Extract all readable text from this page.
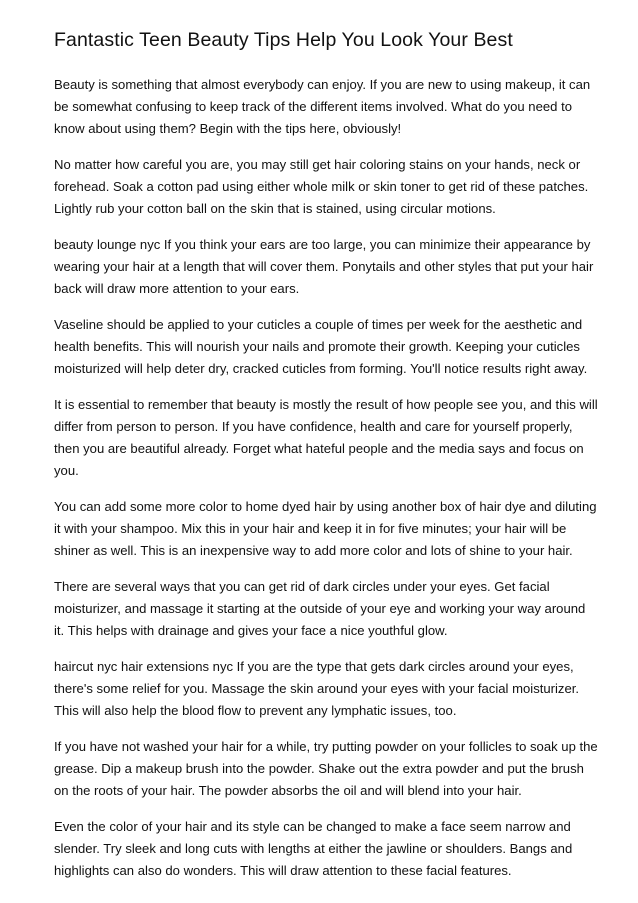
Fantastic Teen Beauty Tips Help You Look Your Best

Beauty is something that almost everybody can enjoy. If you are new to using makeup, it can be somewhat confusing to keep track of the different items involved. What do you need to know about using them? Begin with the tips here, obviously!

No matter how careful you are, you may still get hair coloring stains on your hands, neck or forehead. Soak a cotton pad using either whole milk or skin toner to get rid of these patches. Lightly rub your cotton ball on the skin that is stained, using circular motions.

beauty lounge nyc If you think your ears are too large, you can minimize their appearance by wearing your hair at a length that will cover them. Ponytails and other styles that put your hair back will draw more attention to your ears.

Vaseline should be applied to your cuticles a couple of times per week for the aesthetic and health benefits. This will nourish your nails and promote their growth. Keeping your cuticles moisturized will help deter dry, cracked cuticles from forming. You'll notice results right away.

It is essential to remember that beauty is mostly the result of how people see you, and this will differ from person to person. If you have confidence, health and care for yourself properly, then you are beautiful already. Forget what hateful people and the media says and focus on you.

You can add some more color to home dyed hair by using another box of hair dye and diluting it with your shampoo. Mix this in your hair and keep it in for five minutes; your hair will be shiner as well. This is an inexpensive way to add more color and lots of shine to your hair.

There are several ways that you can get rid of dark circles under your eyes. Get facial moisturizer, and massage it starting at the outside of your eye and working your way around it. This helps with drainage and gives your face a nice youthful glow.

haircut nyc hair extensions nyc If you are the type that gets dark circles around your eyes, there's some relief for you. Massage the skin around your eyes with your facial moisturizer. This will also help the blood flow to prevent any lymphatic issues, too.

If you have not washed your hair for a while, try putting powder on your follicles to soak up the grease. Dip a makeup brush into the powder. Shake out the extra powder and put the brush on the roots of your hair. The powder absorbs the oil and will blend into your hair.

Even the color of your hair and its style can be changed to make a face seem narrow and slender. Try sleek and long cuts with lengths at either the jawline or shoulders. Bangs and highlights can also do wonders. This will draw attention to these facial features.
